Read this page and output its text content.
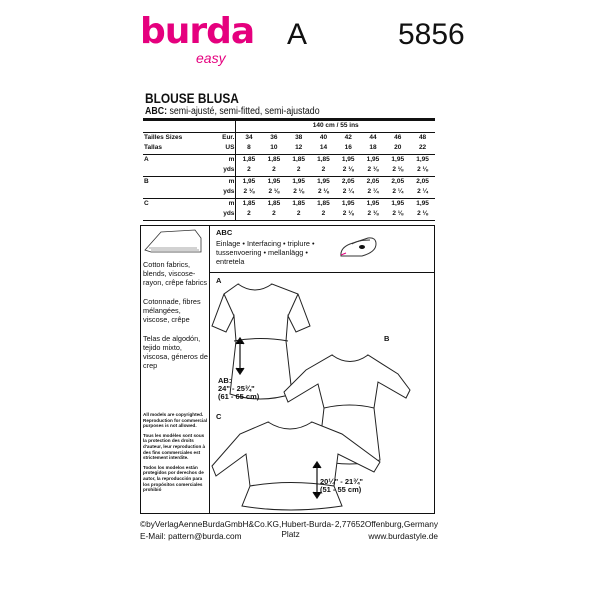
burda
easy
A	5856
BLOUSE BLUSA
ABC: semi-ajusté, semi-fitted, semi-ajustado
		140 cm / 55 ins							
Tailles Sizes	Eur.	34	36	38	40	42	44	46	48
Tallas	US	8	10	12	14	16	18	20	22
A	m	1,85	1,85	1,85	1,85	1,95	1,95	1,95	1,95
	yds	2	2	2	2	2 ⅛	2 ⅛	2 ⅛	2 ⅛
B	m	1,95	1,95	1,95	1,95	2,05	2,05	2,05	2,05
	yds	2 ⅛	2 ⅛	2 ⅛	2 ⅛	2 ¼	2 ¼	2 ¼	2 ¼
C	m	1,85	1,85	1,85	1,85	1,95	1,95	1,95	1,95
	yds	2	2	2	2	2 ⅛	2 ⅛	2 ⅛	2 ⅛
Cotton fabrics, blends, viscose-rayon, crêpe fabrics
Cotonnade, fibres mélangées, viscose, crêpe
Telas de algodón, tejido mixto, viscosa, géneros de crep
All models are copyrighted. Reproduction for commercial purposes is not allowed.
Tous les modèles sont sous la protection des droits d'auteur, leur reproduction à des fins commerciales est strictement interdite.
Todos los modelos están protegidos por derechos de autor, la reproducción para los propósitos comerciales prohibió
ABC
Einlage • Interfacing • triplure • tussenvoering • mellanlägg • entretela
A
B
C
AB:
24" - 25¾"
(61 - 65 cm)
20¼" - 21¾"
(51 - 55 cm)
© by Verlag Aenne Burda GmbH & Co. KG, Hubert-Burda-Platz
2, 77652 Offenburg, Germany
E-Mail: pattern@burda.com	www.burdastyle.de
